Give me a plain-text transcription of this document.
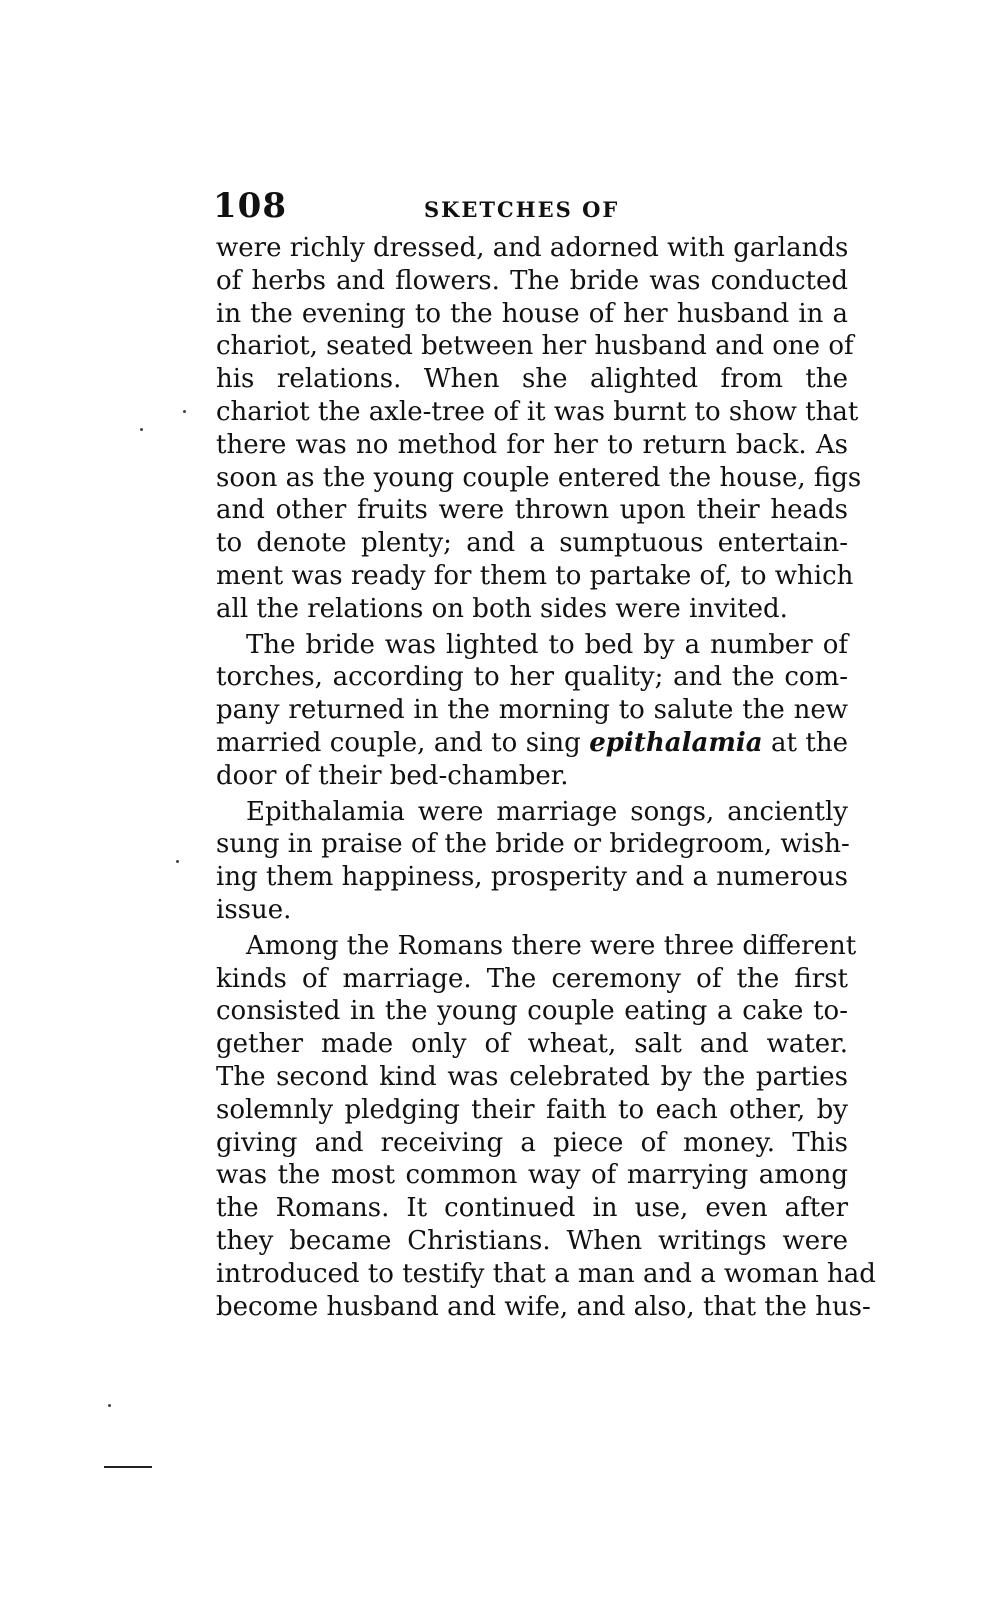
108	SKETCHES OF
were richly dressed, and adorned with garlands
of herbs and flowers. The bride was conducted
in the evening to the house of her husband in a
chariot, seated between her husband and one of
his relations. When she alighted from the
chariot the axle-tree of it was burnt to show that
there was no method for her to return back. As
soon as the young couple entered the house, figs
and other fruits were thrown upon their heads
to denote plenty; and a sumptuous entertain-
ment was ready for them to partake of, to which
all the relations on both sides were invited.
The bride was lighted to bed by a number of
torches, according to her quality; and the com-
pany returned in the morning to salute the new
married couple, and to sing epithalamia at the
door of their bed-chamber.
Epithalamia were marriage songs, anciently
sung in praise of the bride or bridegroom, wish-
ing them happiness, prosperity and a numerous
issue.
Among the Romans there were three different
kinds of marriage. The ceremony of the first
consisted in the young couple eating a cake to-
gether made only of wheat, salt and water.
The second kind was celebrated by the parties
solemnly pledging their faith to each other, by
giving and receiving a piece of money. This
was the most common way of marrying among
the Romans. It continued in use, even after
they became Christians. When writings were
introduced to testify that a man and a woman had
become husband and wife, and also, that the hus-
